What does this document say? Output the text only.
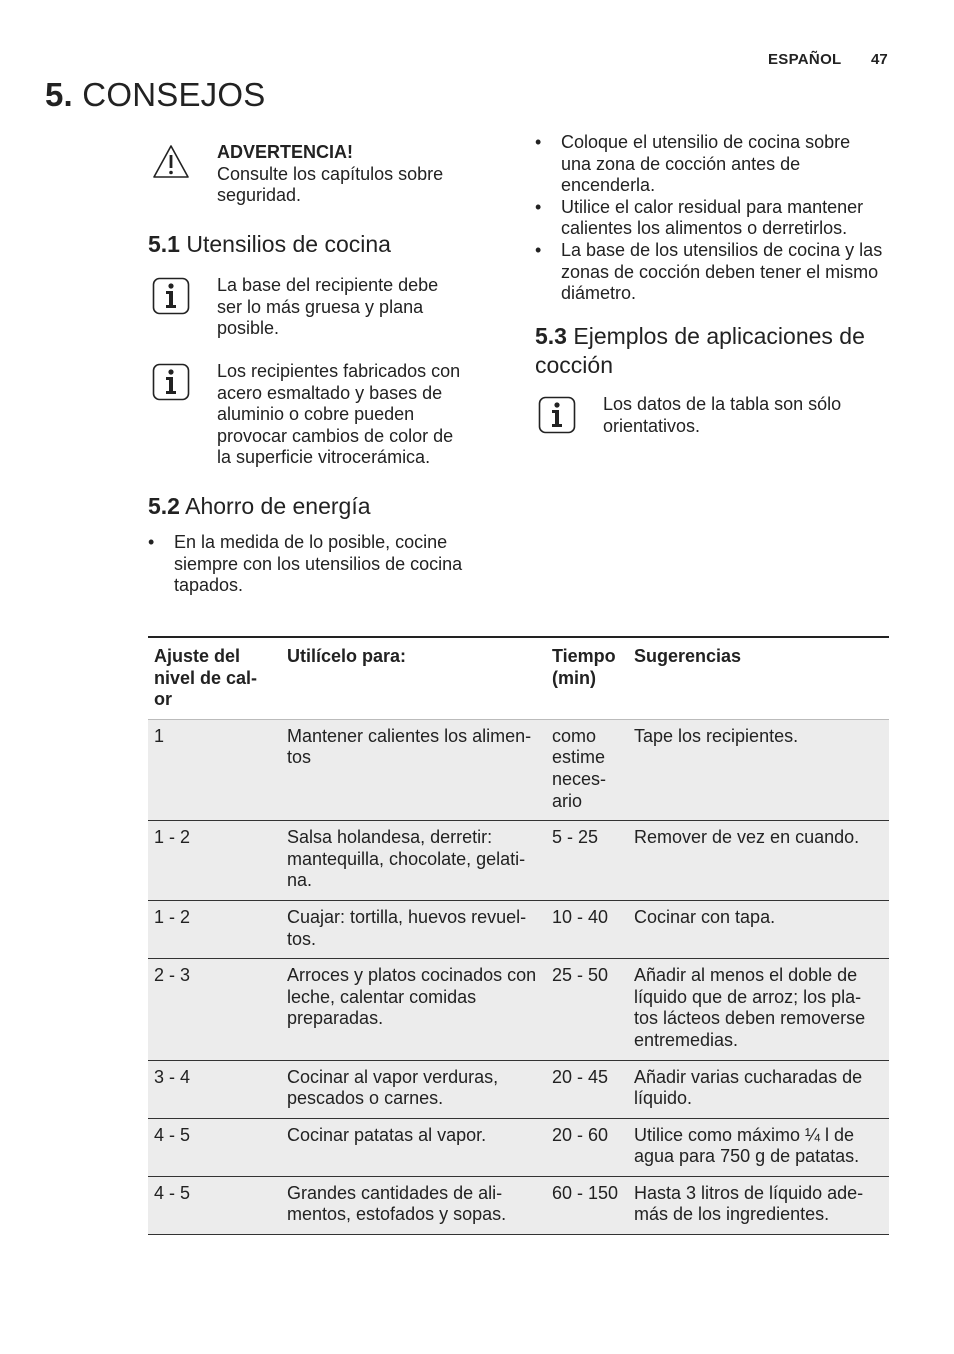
ESPAÑOL 47
5. CONSEJOS
ADVERTENCIA!
Consulte los capítulos sobre seguridad.
5.1 Utensilios de cocina
La base del recipiente debe ser lo más gruesa y plana posible.
Los recipientes fabricados con acero esmaltado y bases de aluminio o cobre pueden provocar cambios de color de la superficie vitrocerámica.
5.2 Ahorro de energía
• En la medida de lo posible, cocine siempre con los utensilios de cocina tapados.
• Coloque el utensilio de cocina sobre una zona de cocción antes de encenderla.
• Utilice el calor residual para mantener calientes los alimentos o derretirlos.
• La base de los utensilios de cocina y las zonas de cocción deben tener el mismo diámetro.
5.3 Ejemplos de aplicaciones de
cocción
Los datos de la tabla son sólo orientativos.
Ajuste del nivel de cal- or	Utilícelo para:	Tiempo (min)	Sugerencias
1	Mantener calientes los alimen- tos	como estime neces- ario	Tape los recipientes.
1 - 2	Salsa holandesa, derretir: mantequilla, chocolate, gelati- na.	5 - 25	Remover de vez en cuando.
1 - 2	Cuajar: tortilla, huevos revuel- tos.	10 - 40	Cocinar con tapa.
2 - 3	Arroces y platos cocinados con leche, calentar comidas preparadas.	25 - 50	Añadir al menos el doble de líquido que de arroz; los pla- tos lácteos deben removerse entremedias.
3 - 4	Cocinar al vapor verduras, pescados o carnes.	20 - 45	Añadir varias cucharadas de líquido.
4 - 5	Cocinar patatas al vapor.	20 - 60	Utilice como máximo ¼ l de agua para 750 g de patatas.
4 - 5	Grandes cantidades de ali- mentos, estofados y sopas.	60 - 150	Hasta 3 litros de líquido ade- más de los ingredientes.
